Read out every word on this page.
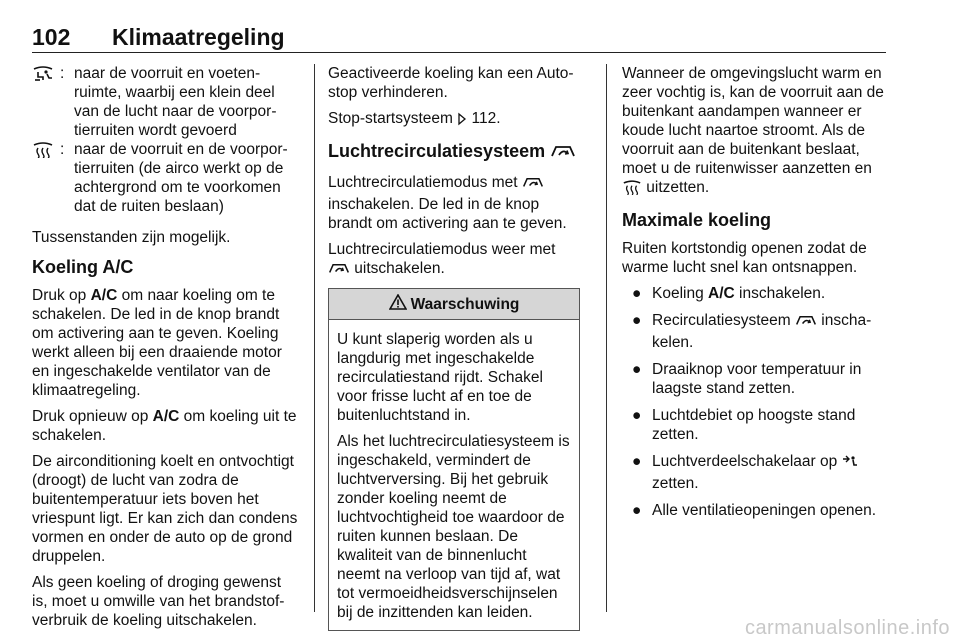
102 Klimaatregeling
: naar de voorruit en voetenruimte, waarbij een klein deel van de lucht naar de voorportierruiten wordt gevoerd
: naar de voorruit en de voorportierruiten (de airco werkt op de achtergrond om te voorkomen dat de ruiten beslaan)

Tussenstanden zijn mogelijk.

Koeling A/C

Druk op A/C om naar koeling om te schakelen. De led in de knop brandt om activering aan te geven. Koeling werkt alleen bij een draaiende motor en ingeschakelde ventilator van de klimaatregeling.

Druk opnieuw op A/C om koeling uit te schakelen.

De airconditioning koelt en ontvochtigt (droogt) de lucht van zodra de buitentemperatuur iets boven het vriespunt ligt. Er kan zich dan condens vormen en onder de auto op de grond druppelen.

Als geen koeling of droging gewenst is, moet u omwille van het brandstofverbruik de koeling uitschakelen.

Geactiveerde koeling kan een Auto-stop verhinderen.

Stop-startsysteem  112.

Luchtrecirculatiesysteem

Luchtrecirculatiemodus met  inschakelen. De led in de knop brandt om activering aan te geven.

Luchtrecirculatiemodus weer met
uitschakelen.

Waarschuwing

U kunt slaperig worden als u langdurig met ingeschakelde recirculatiestand rijdt. Schakel voor frisse lucht af en toe de buitenluchtstand in.

Als het luchtrecirculatiesysteem is ingeschakeld, vermindert de luchtverversing. Bij het gebruik zonder koeling neemt de luchtvochtigheid toe waardoor de ruiten kunnen beslaan. De kwaliteit van de binnenlucht neemt na verloop van tijd af, wat tot vermoeidheidsverschijnselen bij de inzittenden kan leiden.

Wanneer de omgevingslucht warm en zeer vochtig is, kan de voorruit aan de buitenkant aandampen wanneer er koude lucht naartoe stroomt. Als de voorruit aan de buitenkant beslaat, moet u de ruitenwisser aanzetten en  uitzetten.

Maximale koeling

Ruiten kortstondig openen zodat de warme lucht snel kan ontsnappen.

● Koeling A/C inschakelen.
● Recirculatiesysteem  inschakelen.
● Draaiknop voor temperatuur in laagste stand zetten.
● Luchtdebiet op hoogste stand zetten.
● Luchtverdeelschakelaar op
zetten.
● Alle ventilatieopeningen openen.
carmanualsonline.info
